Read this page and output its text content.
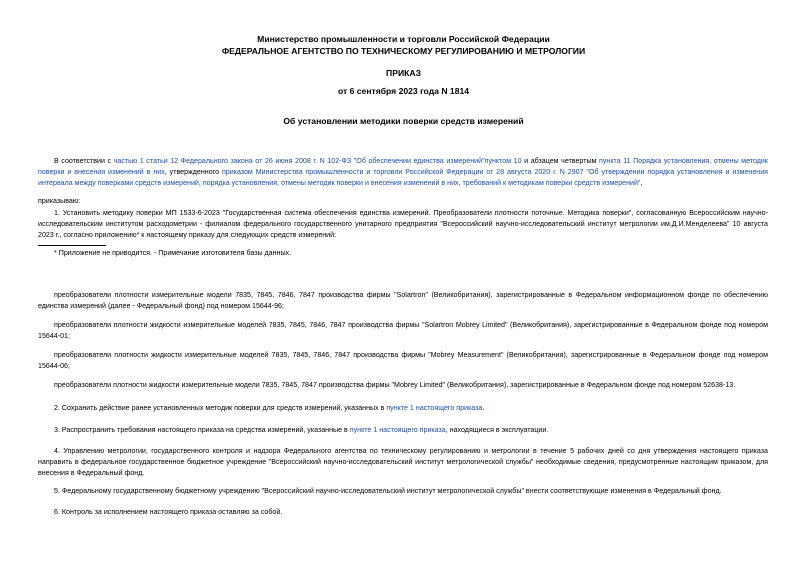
Министерство промышленности и торговли Российской Федерации
ФЕДЕРАЛЬНОЕ АГЕНТСТВО ПО ТЕХНИЧЕСКОМУ РЕГУЛИРОВАНИЮ И МЕТРОЛОГИИ
ПРИКАЗ
от 6 сентября 2023 года N 1814
Об установлении методики поверки средств измерений
В соответствии с частью 1 статьи 12 Федерального закона от 26 июня 2008 г. N 102-ФЗ "Об обеспечении единства измерений"пунктом 10 и абзацем четвертым пункта 11 Порядка установления, отмены методик поверки и внесения изменений в них, утвержденного приказом Министерства промышленности и торговли Российской Федерации от 28 августа 2020 г. N 2907 "Об утверждении порядка установления и изменения интервала между поверками средств измерений, порядка установления, отмены методик поверки и внесения изменений в них, требований к методикам поверки средств измерений",
приказываю:
1. Установить методику поверки МП 1533-6-2023 "Государственная система обеспечения единства измерений. Преобразователи плотности поточные. Методика поверки", согласованную Всероссийским научно-исследовательским институтом расходометрии - филиалом федерального государственного унитарного предприятия "Всероссийский научно-исследовательский институт метрологии им.Д.И.Менделеева" 10 августа 2023 г., согласно приложению* к настоящему приказу для следующих средств измерений:
* Приложение не приводится. - Примечание изготовителя базы данных.
преобразователи плотности измерительные модели 7835, 7845, 7846, 7847 производства фирмы "Solartron" (Великобритания), зарегистрированные в Федеральном информационном фонде по обеспечению единства измерений (далее - Федеральный фонд) под номером 15644-96;
преобразователи плотности жидкости измерительные моделей 7835, 7845, 7846, 7847 производства фирмы "Solartron Mobrey Limited" (Великобритания), зарегистрированные в Федеральном фонде под номером 15644-01;
преобразователи плотности жидкости измерительные моделей 7835, 7845, 7846, 7847 производства фирмы "Mobrey Measurement" (Великобритания), зарегистрированные в Федеральном фонде под номером 15644-06;
преобразователи плотности жидкости измерительные модели 7835, 7845, 7847 производства фирмы "Mobrey Limited" (Великобритания), зарегистрированные в Федеральном фонде под номером 52638-13.
2. Сохранить действие ранее установленных методик поверки для средств измерений, указанных в пункте 1 настоящего приказа.
3. Распространить требования настоящего приказа на средства измерений, указанные в пункте 1 настоящего приказа, находящиеся в эксплуатации.
4. Управлению метрологии, государственного контроля и надзора Федерального агентства по техническому регулированию и метрологии в течение 5 рабочих дней со дня утверждения настоящего приказа направить в федеральное государственное бюджетное учреждение "Всероссийский научно-исследовательский институт метрологической службы" необходимые сведения, предусмотренные настоящим приказом, для внесения в Федеральный фонд.
5. Федеральному государственному бюджетному учреждению "Всероссийский научно-исследовательский институт метрологической службы" внести соответствующие изменения в Федеральный фонд.
6. Контроль за исполнением настоящего приказа оставляю за собой.
